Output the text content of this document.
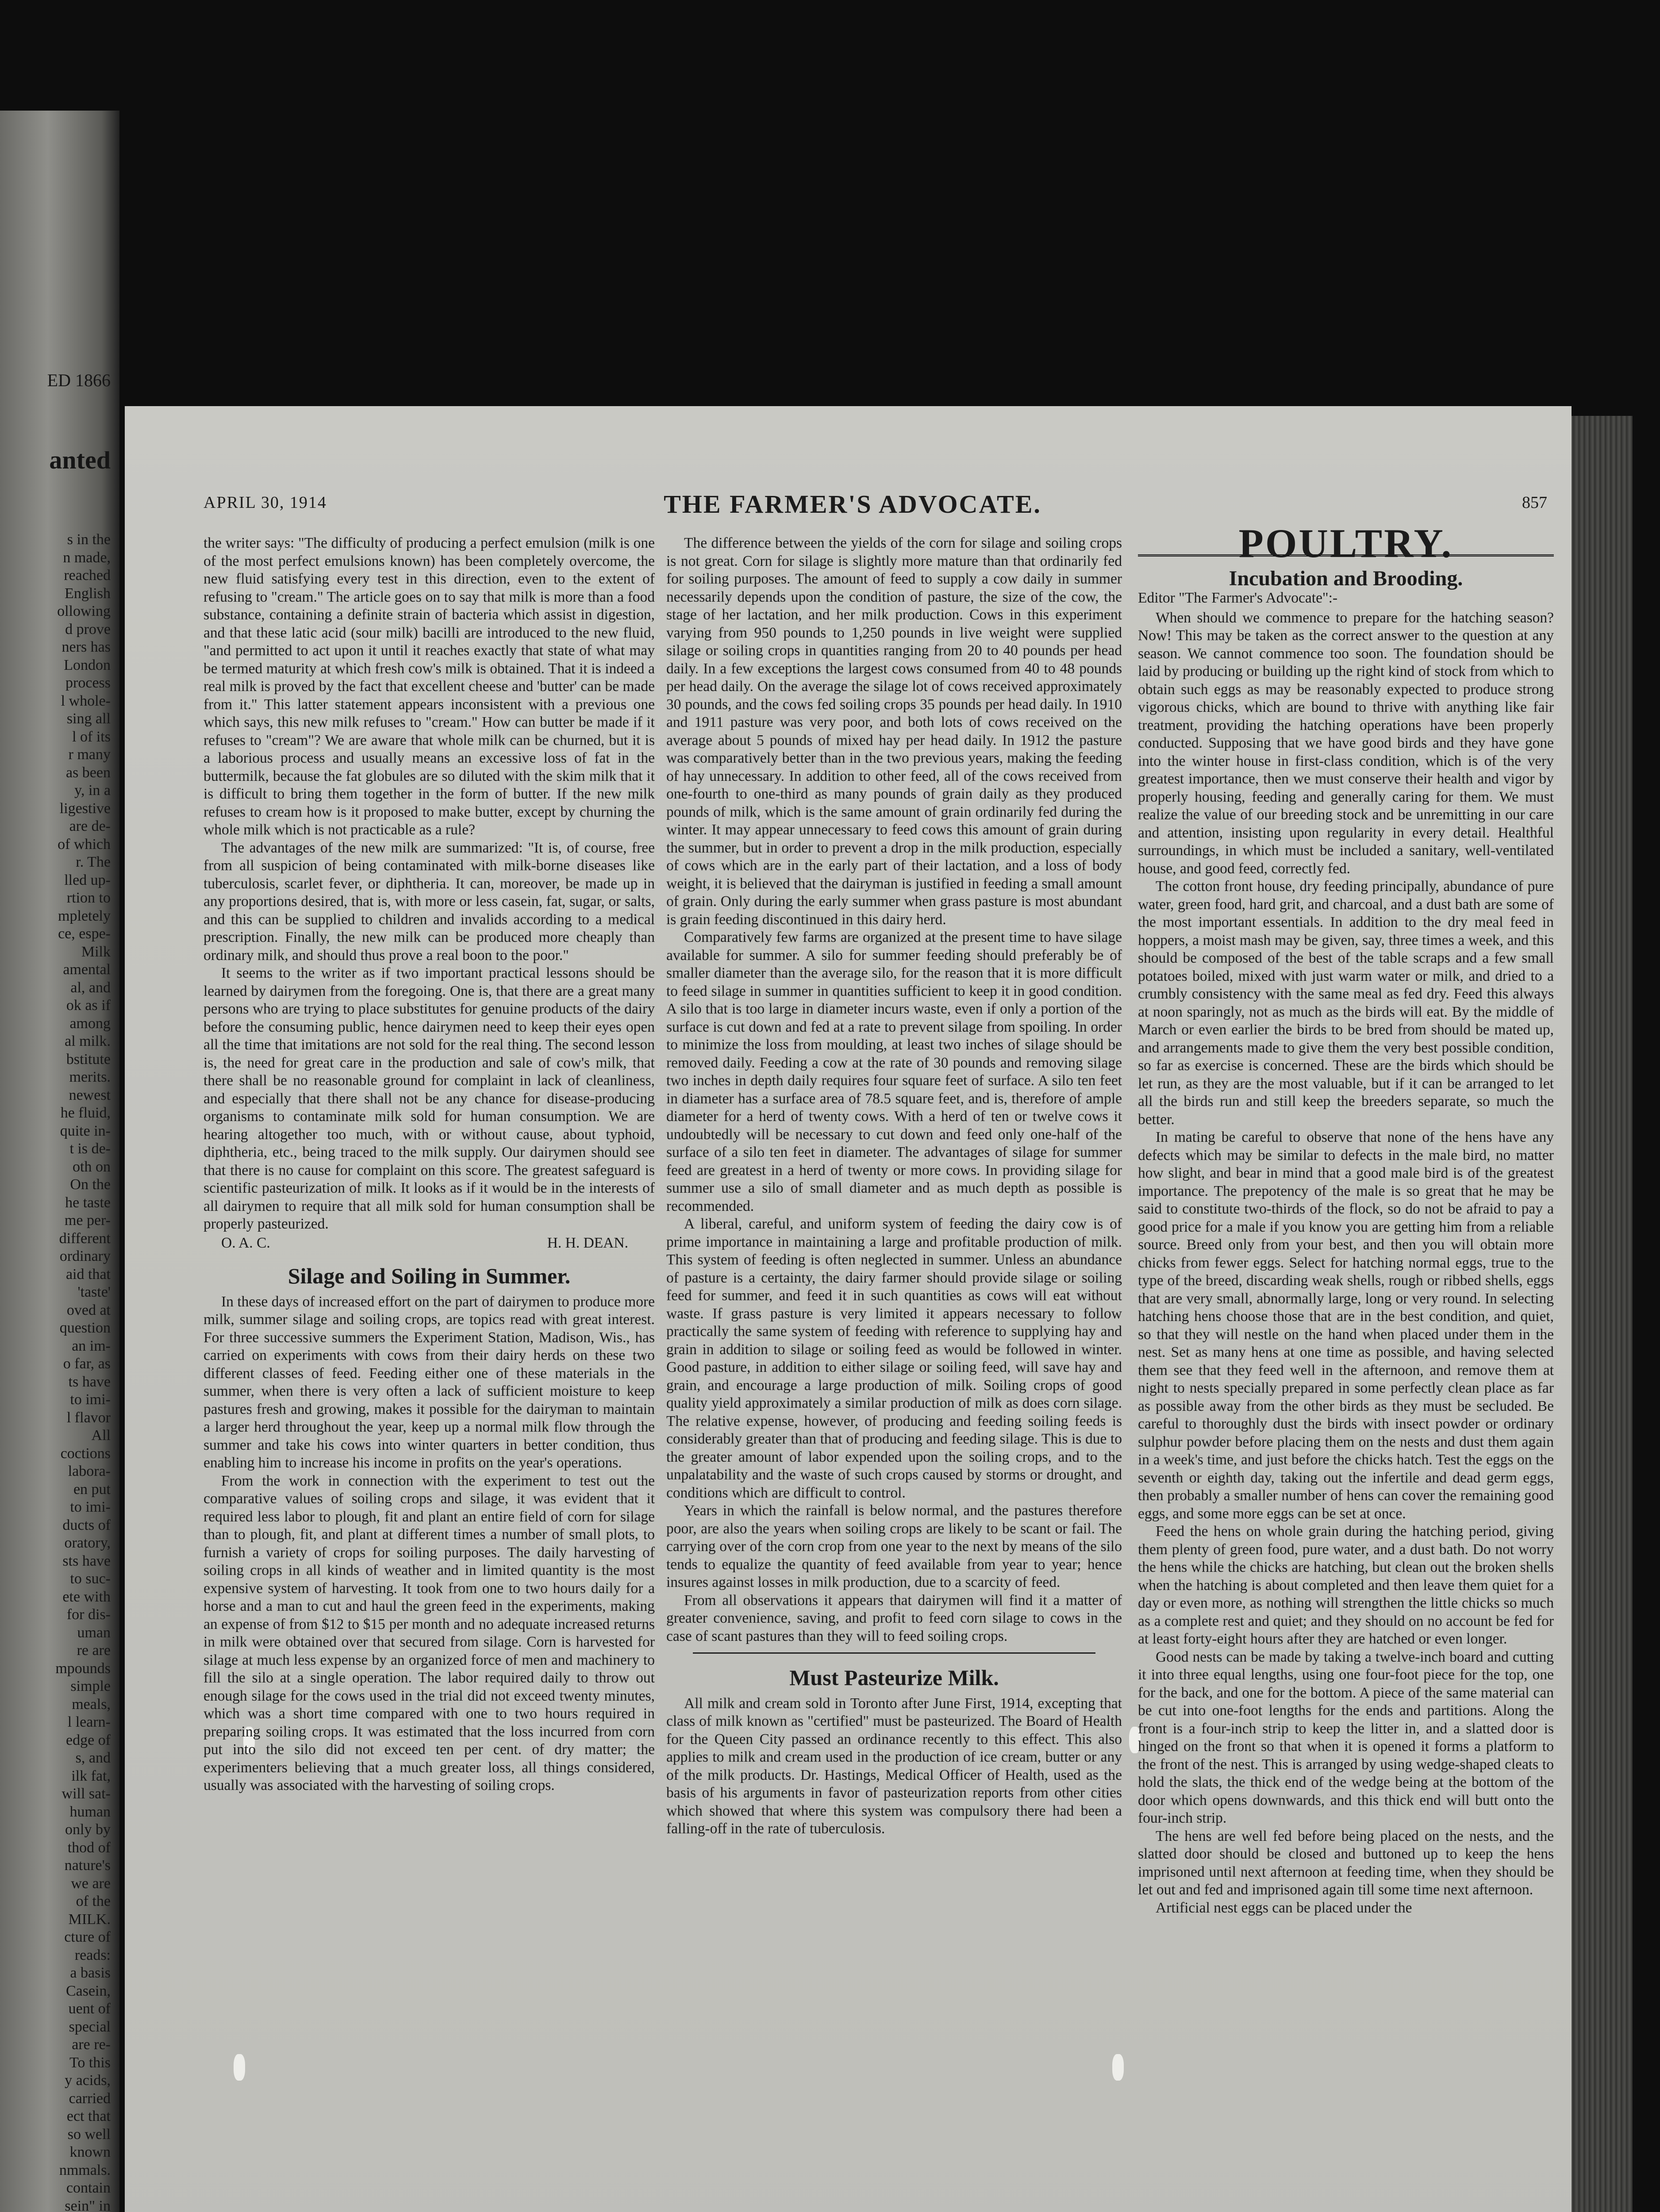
ED 1866
anted
s in the
n made,
reached
English
ollowing
d prove
ners has
London
process
l whole-
sing all
l of its
r many
as been
y, in a
ligestive
are de-
of which
r. The
lled up-
rtion to
mpletely
ce, espe-
Milk
amental
al, and
ok as if
among
al milk.
bstitute
merits.
newest
he fluid,
quite in-
t is de-
oth on
On the
he taste
me per-
different
ordinary
aid that
'taste'
oved at
question
an im-
o far, as
ts have
to imi-
l flavor
All
coctions
labora-
en put
to imi-
ducts of
oratory,
sts have
to suc-
ete with
for dis-
uman
re are
mpounds
simple
meals,
l learn-
edge of
s, and
ilk fat,
will sat-
human
only by
thod of
nature's
we are
of the
MILK.
cture of
reads:
a basis
Casein,
uent of
special
are re-
To this
y acids,
carried
ect that
so well
known
nmmals.
contain
sein" in
APRIL 30, 1914	THE FARMER'S ADVOCATE.	857

the writer says: "The difficulty of producing a perfect emulsion (milk is one of the most perfect emulsions known) has been completely overcome, the new fluid satisfying every test in this direction, even to the extent of refusing to "cream." The article goes on to say that milk is more than a food substance, containing a definite strain of bacteria which assist in digestion, and that these latic acid (sour milk) bacilli are introduced to the new fluid, "and permitted to act upon it until it reaches exactly that state of what may be termed maturity at which fresh cow's milk is obtained. That it is indeed a real milk is proved by the fact that excellent cheese and 'butter' can be made from it." This latter statement appears inconsistent with a previous one which says, this new milk refuses to "cream." How can butter be made if it refuses to "cream"? We are aware that whole milk can be churned, but it is a laborious process and usually means an excessive loss of fat in the buttermilk, because the fat globules are so diluted with the skim milk that it is difficult to bring them together in the form of butter. If the new milk refuses to cream how is it proposed to make butter, except by churning the whole milk which is not practicable as a rule?

The advantages of the new milk are summarized: "It is, of course, free from all suspicion of being contaminated with milk-borne diseases like tuberculosis, scarlet fever, or diphtheria. It can, moreover, be made up in any proportions desired, that is, with more or less casein, fat, sugar, or salts, and this can be supplied to children and invalids according to a medical prescription. Finally, the new milk can be produced more cheaply than ordinary milk, and should thus prove a real boon to the poor."

It seems to the writer as if two important practical lessons should be learned by dairymen from the foregoing. One is, that there are a great many persons who are trying to place substitutes for genuine products of the dairy before the consuming public, hence dairymen need to keep their eyes open all the time that imitations are not sold for the real thing. The second lesson is, the need for great care in the production and sale of cow's milk, that there shall be no reasonable ground for complaint in lack of cleanliness, and especially that there shall not be any chance for disease-producing organisms to contaminate milk sold for human consumption. We are hearing altogether too much, with or without cause, about typhoid, diphtheria, etc., being traced to the milk supply. Our dairymen should see that there is no cause for complaint on this score. The greatest safeguard is scientific pasteurization of milk. It looks as if it would be in the interests of all dairymen to require that all milk sold for human consumption shall be properly pasteurized.

O. A. C.	H. H. DEAN.
Silage and Soiling in Summer.

In these days of increased effort on the part of dairymen to produce more milk, summer silage and soiling crops, are topics read with great interest. For three successive summers the Experiment Station, Madison, Wis., has carried on experiments with cows from their dairy herds on these two different classes of feed. Feeding either one of these materials in the summer, when there is very often a lack of sufficient moisture to keep pastures fresh and growing, makes it possible for the dairyman to maintain a larger herd throughout the year, keep up a normal milk flow through the summer and take his cows into winter quarters in better condition, thus enabling him to increase his income in profits on the year's operations.

From the work in connection with the experiment to test out the comparative values of soiling crops and silage, it was evident that it required less labor to plough, fit and plant an entire field of corn for silage than to plough, fit, and plant at different times a number of small plots, to furnish a variety of crops for soiling purposes. The daily harvesting of soiling crops in all kinds of weather and in limited quantity is the most expensive system of harvesting. It took from one to two hours daily for a horse and a man to cut and haul the green feed in the experiments, making an expense of from $12 to $15 per month and no adequate increased returns in milk were obtained over that secured from silage. Corn is harvested for silage at much less expense by an organized force of men and machinery to fill the silo at a single operation. The labor required daily to throw out enough silage for the cows used in the trial did not exceed twenty minutes, which was a short time compared with one to two hours required in preparing soiling crops. It was estimated that the loss incurred from corn put into the silo did not exceed ten per cent. of dry matter; the experimenters believing that a much greater loss, all things considered, usually was associated with the harvesting of soiling crops.

The difference between the yields of the corn for silage and soiling crops is not great. Corn for silage is slightly more mature than that ordinarily fed for soiling purposes. The amount of feed to supply a cow daily in summer necessarily depends upon the condition of pasture, the size of the cow, the stage of her lactation, and her milk production. Cows in this experiment varying from 950 pounds to 1,250 pounds in live weight were supplied silage or soiling crops in quantities ranging from 20 to 40 pounds per head daily. In a few exceptions the largest cows consumed from 40 to 48 pounds per head daily. On the average the silage lot of cows received approximately 30 pounds, and the cows fed soiling crops 35 pounds per head daily. In 1910 and 1911 pasture was very poor, and both lots of cows received on the average about 5 pounds of mixed hay per head daily. In 1912 the pasture was comparatively better than in the two previous years, making the feeding of hay unnecessary. In addition to other feed, all of the cows received from one-fourth to one-third as many pounds of grain daily as they produced pounds of milk, which is the same amount of grain ordinarily fed during the winter. It may appear unnecessary to feed cows this amount of grain during the summer, but in order to prevent a drop in the milk production, especially of cows which are in the early part of their lactation, and a loss of body weight, it is believed that the dairyman is justified in feeding a small amount of grain. Only during the early summer when grass pasture is most abundant is grain feeding discontinued in this dairy herd.

Comparatively few farms are organized at the present time to have silage available for summer. A silo for summer feeding should preferably be of smaller diameter than the average silo, for the reason that it is more difficult to feed silage in summer in quantities sufficient to keep it in good condition. A silo that is too large in diameter incurs waste, even if only a portion of the surface is cut down and fed at a rate to prevent silage from spoiling. In order to minimize the loss from moulding, at least two inches of silage should be removed daily. Feeding a cow at the rate of 30 pounds and removing silage two inches in depth daily requires four square feet of surface. A silo ten feet in diameter has a surface area of 78.5 square feet, and is, therefore of ample diameter for a herd of twenty cows. With a herd of ten or twelve cows it undoubtedly will be necessary to cut down and feed only one-half of the surface of a silo ten feet in diameter. The advantages of silage for summer feed are greatest in a herd of twenty or more cows. In providing silage for summer use a silo of small diameter and as much depth as possible is recommended.

A liberal, careful, and uniform system of feeding the dairy cow is of prime importance in maintaining a large and profitable production of milk. This system of feeding is often neglected in summer. Unless an abundance of pasture is a certainty, the dairy farmer should provide silage or soiling feed for summer, and feed it in such quantities as cows will eat without waste. If grass pasture is very limited it appears necessary to follow practically the same system of feeding with reference to supplying hay and grain in addition to silage or soiling feed as would be followed in winter. Good pasture, in addition to either silage or soiling feed, will save hay and grain, and encourage a large production of milk. Soiling crops of good quality yield approximately a similar production of milk as does corn silage. The relative expense, however, of producing and feeding soiling feeds is considerably greater than that of producing and feeding silage. This is due to the greater amount of labor expended upon the soiling crops, and to the unpalatability and the waste of such crops caused by storms or drought, and conditions which are difficult to control.

Years in which the rainfall is below normal, and the pastures therefore poor, are also the years when soiling crops are likely to be scant or fail. The carrying over of the corn crop from one year to the next by means of the silo tends to equalize the quantity of feed available from year to year; hence insures against losses in milk production, due to a scarcity of feed.

From all observations it appears that dairymen will find it a matter of greater convenience, saving, and profit to feed corn silage to cows in the case of scant pastures than they will to feed soiling crops.

Must Pasteurize Milk.

All milk and cream sold in Toronto after June First, 1914, excepting that class of milk known as "certified" must be pasteurized. The Board of Health for the Queen City passed an ordinance recently to this effect. This also applies to milk and cream used in the production of ice cream, butter or any of the milk products. Dr. Hastings, Medical Officer of Health, used as the basis of his arguments in favor of pasteurization reports from other cities which showed that where this system was compulsory there had been a falling-off in the rate of tuberculosis.

POULTRY.
Incubation and Brooding.
Editor "The Farmer's Advocate":-

When should we commence to prepare for the hatching season? Now! This may be taken as the correct answer to the question at any season. We cannot commence too soon. The foundation should be laid by producing or building up the right kind of stock from which to obtain such eggs as may be reasonably expected to produce strong vigorous chicks, which are bound to thrive with anything like fair treatment, providing the hatching operations have been properly conducted. Supposing that we have good birds and they have gone into the winter house in first-class condition, which is of the very greatest importance, then we must conserve their health and vigor by properly housing, feeding and generally caring for them. We must realize the value of our breeding stock and be unremitting in our care and attention, insisting upon regularity in every detail. Healthful surroundings, in which must be included a sanitary, well-ventilated house, and good feed, correctly fed.

The cotton front house, dry feeding principally, abundance of pure water, green food, hard grit, and charcoal, and a dust bath are some of the most important essentials. In addition to the dry meal feed in hoppers, a moist mash may be given, say, three times a week, and this should be composed of the best of the table scraps and a few small potatoes boiled, mixed with just warm water or milk, and dried to a crumbly consistency with the same meal as fed dry. Feed this always at noon sparingly, not as much as the birds will eat. By the middle of March or even earlier the birds to be bred from should be mated up, and arrangements made to give them the very best possible condition, so far as exercise is concerned. These are the birds which should be let run, as they are the most valuable, but if it can be arranged to let all the birds run and still keep the breeders separate, so much the better.

In mating be careful to observe that none of the hens have any defects which may be similar to defects in the male bird, no matter how slight, and bear in mind that a good male bird is of the greatest importance. The prepotency of the male is so great that he may be said to constitute two-thirds of the flock, so do not be afraid to pay a good price for a male if you know you are getting him from a reliable source. Breed only from your best, and then you will obtain more chicks from fewer eggs. Select for hatching normal eggs, true to the type of the breed, discarding weak shells, rough or ribbed shells, eggs that are very small, abnormally large, long or very round. In selecting hatching hens choose those that are in the best condition, and quiet, so that they will nestle on the hand when placed under them in the nest. Set as many hens at one time as possible, and having selected them see that they feed well in the afternoon, and remove them at night to nests specially prepared in some perfectly clean place as far as possible away from the other birds as they must be secluded. Be careful to thoroughly dust the birds with insect powder or ordinary sulphur powder before placing them on the nests and dust them again in a week's time, and just before the chicks hatch. Test the eggs on the seventh or eighth day, taking out the infertile and dead germ eggs, then probably a smaller number of hens can cover the remaining good eggs, and some more eggs can be set at once.

Feed the hens on whole grain during the hatching period, giving them plenty of green food, pure water, and a dust bath. Do not worry the hens while the chicks are hatching, but clean out the broken shells when the hatching is about completed and then leave them quiet for a day or even more, as nothing will strengthen the little chicks so much as a complete rest and quiet; and they should on no account be fed for at least forty-eight hours after they are hatched or even longer.

Good nests can be made by taking a twelve-inch board and cutting it into three equal lengths, using one four-foot piece for the top, one for the back, and one for the bottom. A piece of the same material can be cut into one-foot lengths for the ends and partitions. Along the front is a four-inch strip to keep the litter in, and a slatted door is hinged on the front so that when it is opened it forms a platform to the front of the nest. This is arranged by using wedge-shaped cleats to hold the slats, the thick end of the wedge being at the bottom of the door which opens downwards, and this thick end will butt onto the four-inch strip.

The hens are well fed before being placed on the nests, and the slatted door should be closed and buttoned up to keep the hens imprisoned until next afternoon at feeding time, when they should be let out and fed and imprisoned again till some time next afternoon.

Artificial nest eggs can be placed under the
